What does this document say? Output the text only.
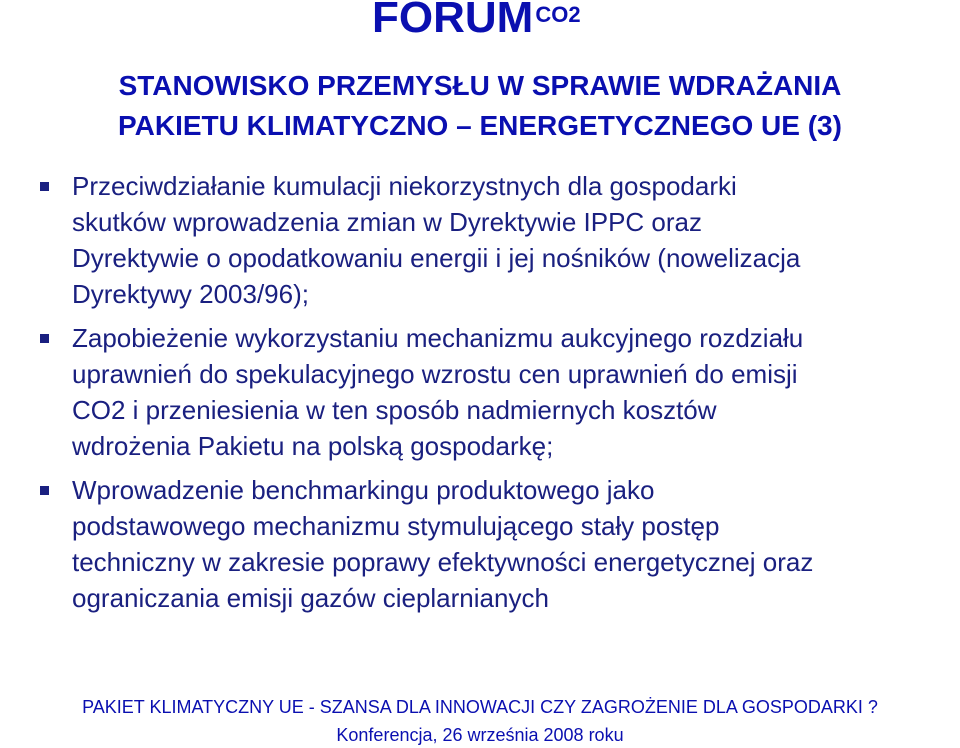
$FORUM^{CO2}$
STANOWISKO PRZEMYSŁU W SPRAWIE WDRAŻANIA
PAKIETU KLIMATYCZNO – ENERGETYCZNEGO UE (3)
Przeciwdziałanie kumulacji niekorzystnych dla gospodarki
skutków wprowadzenia zmian w Dyrektywie IPPC oraz
Dyrektywie o opodatkowaniu energii i jej nośników (nowelizacja
Dyrektywy 2003/96);
Zapobieżenie wykorzystaniu mechanizmu aukcyjnego rozdziału
uprawnień do spekulacyjnego wzrostu cen uprawnień do emisji
CO2 i przeniesienia w ten sposób nadmiernych kosztów
wdrożenia Pakietu na polską gospodarkę;
Wprowadzenie benchmarkingu produktowego jako
podstawowego mechanizmu stymulującego stały postęp
techniczny w zakresie poprawy efektywności energetycznej oraz
ograniczania emisji gazów cieplarnianych
PAKIET KLIMATYCZNY UE - SZANSA DLA INNOWACJI CZY ZAGROŻENIE DLA GOSPODARKI ?
Konferencja, 26 września 2008 roku
